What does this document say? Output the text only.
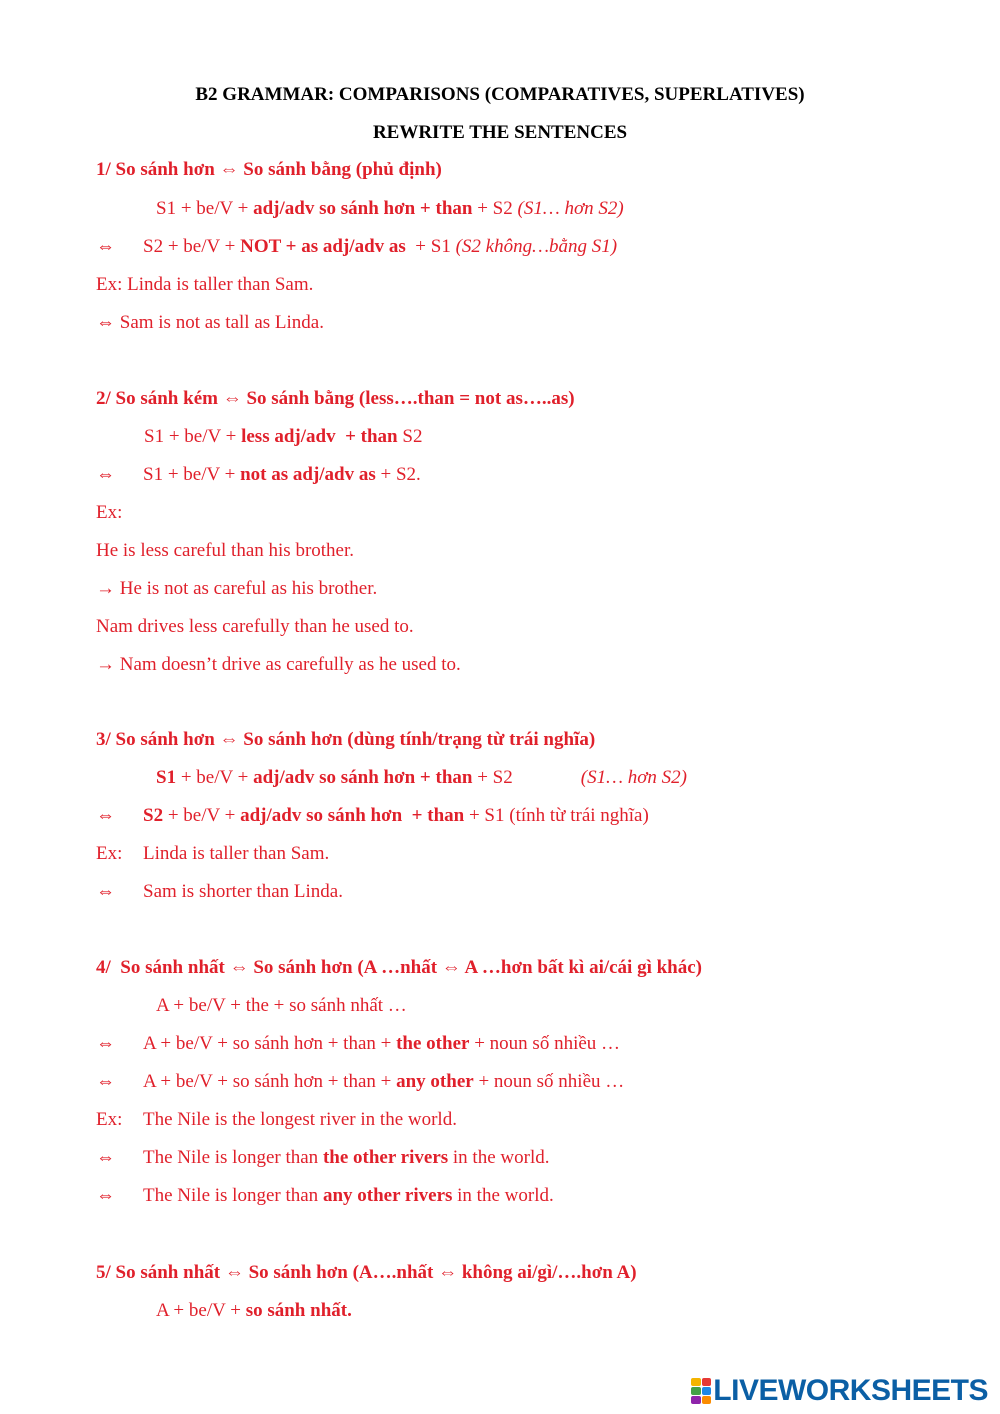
B2 GRAMMAR: COMPARISONS (COMPARATIVES, SUPERLATIVES)
REWRITE THE SENTENCES
1/ So sánh hơn ⇔ So sánh bằng (phủ định)
S1 + be/V + adj/adv so sánh hơn + than + S2 (S1… hơn S2)
⇔ S2 + be/V + NOT + as adj/adv as  + S1 (S2 không…bằng S1)
Ex: Linda is taller than Sam.
⇔ Sam is not as tall as Linda.
2/ So sánh kém ⇔ So sánh bằng (less….than = not as…..as)
S1 + be/V + less adj/adv  + than S2
⇔ S1 + be/V + not as adj/adv as + S2.
Ex:
He is less careful than his brother.
→ He is not as careful as his brother.
Nam drives less carefully than he used to.
→ Nam doesn’t drive as carefully as he used to.
3/ So sánh hơn ⇔ So sánh hơn (dùng tính/trạng từ trái nghĩa)
S1 + be/V + adj/adv so sánh hơn + than + S2	(S1… hơn S2)
⇔ S2 + be/V + adj/adv so sánh hơn  + than + S1 (tính từ trái nghĩa)
Ex: Linda is taller than Sam.
⇔ Sam is shorter than Linda.
4/  So sánh nhất ⇔ So sánh hơn (A …nhất ⇔ A …hơn bất kì ai/cái gì khác)
A + be/V + the + so sánh nhất …
⇔ A + be/V + so sánh hơn + than + the other + noun số nhiều …
⇔ A + be/V + so sánh hơn + than + any other + noun số nhiều …
Ex: The Nile is the longest river in the world.
⇔ The Nile is longer than the other rivers in the world.
⇔ The Nile is longer than any other rivers in the world.
5/ So sánh nhất ⇔ So sánh hơn (A….nhất ⇔ không ai/gì/….hơn A)
A + be/V + so sánh nhất.
LIVEWORKSHEETS
